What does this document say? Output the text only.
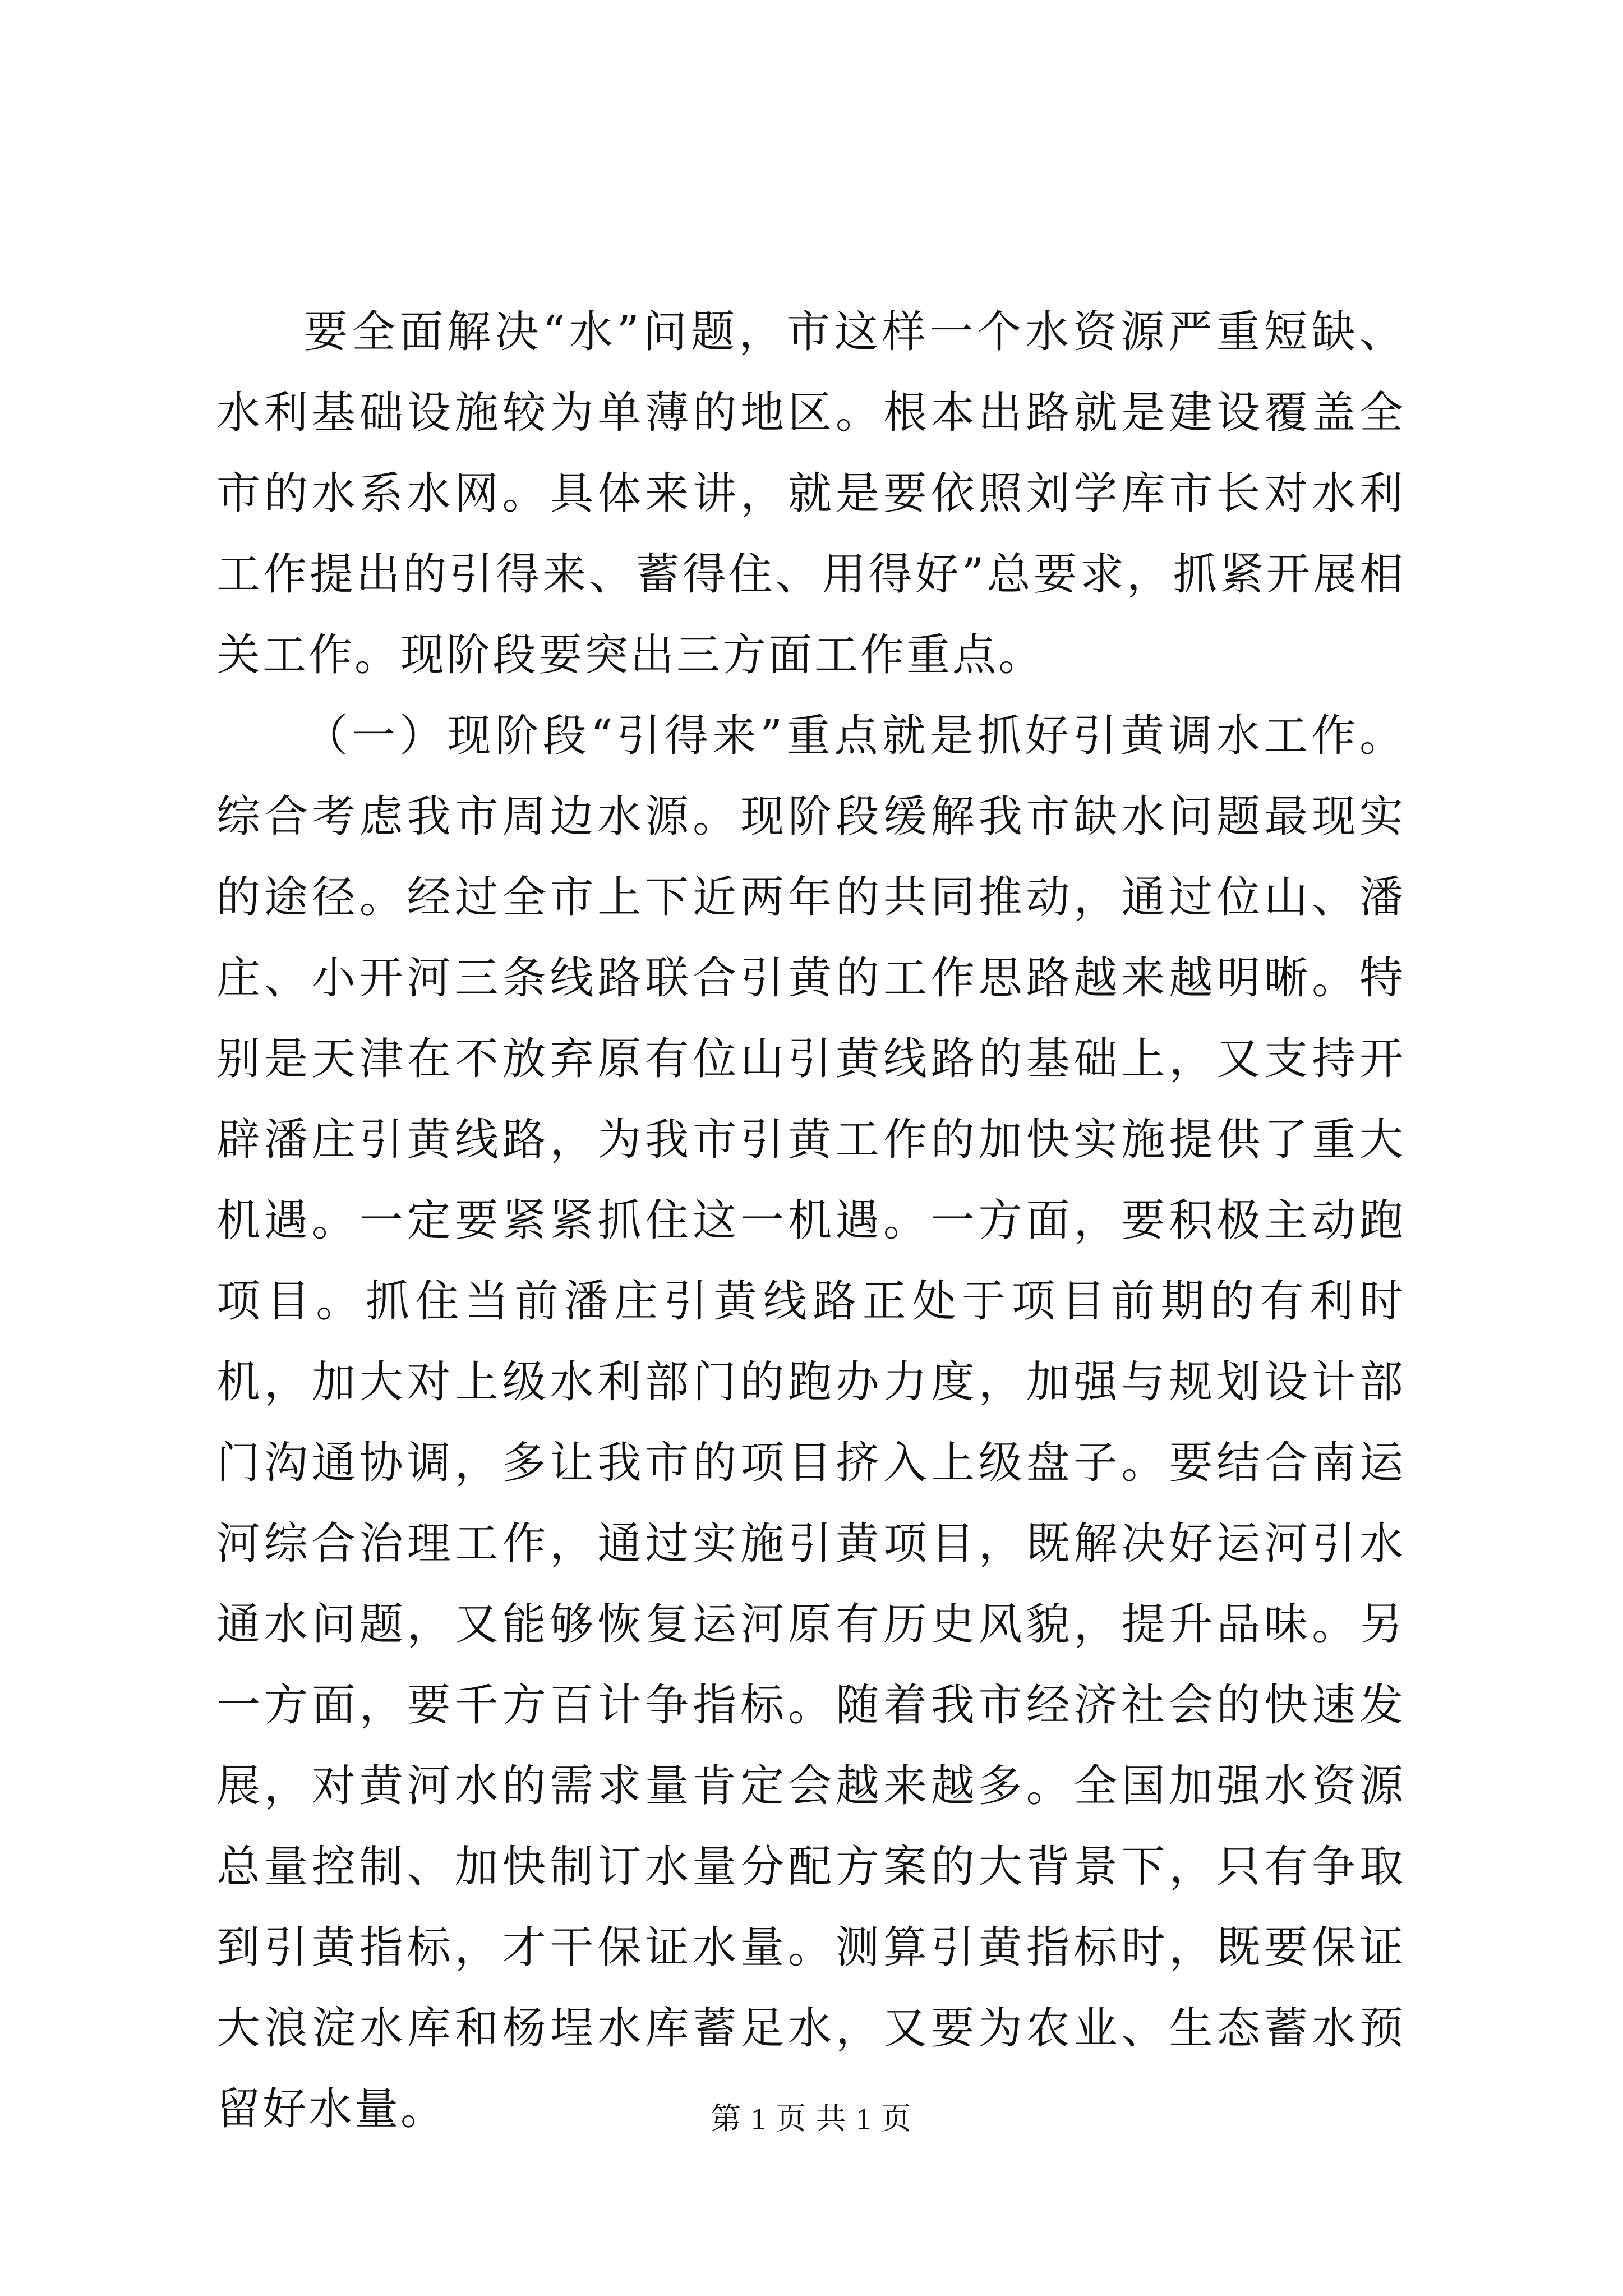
要全面解决“水”问题，市这样一个水资源严重短缺、水利基础设施较为单薄的地区。根本出路就是建设覆盖全市的水系水网。具体来讲，就是要依照刘学库市长对水利工作提出的引得来、蓄得住、用得好”总要求，抓紧开展相关工作。现阶段要突出三方面工作重点。

（一）现阶段“引得来”重点就是抓好引黄调水工作。综合考虑我市周边水源。现阶段缓解我市缺水问题最现实的途径。经过全市上下近两年的共同推动，通过位山、潘庄、小开河三条线路联合引黄的工作思路越来越明晰。特别是天津在不放弃原有位山引黄线路的基础上，又支持开辟潘庄引黄线路，为我市引黄工作的加快实施提供了重大机遇。一定要紧紧抓住这一机遇。一方面，要积极主动跑项目。抓住当前潘庄引黄线路正处于项目前期的有利时机，加大对上级水利部门的跑办力度，加强与规划设计部门沟通协调，多让我市的项目挤入上级盘子。要结合南运河综合治理工作，通过实施引黄项目，既解决好运河引水通水问题，又能够恢复运河原有历史风貌，提升品味。另一方面，要千方百计争指标。随着我市经济社会的快速发展，对黄河水的需求量肯定会越来越多。全国加强水资源总量控制、加快制订水量分配方案的大背景下，只有争取到引黄指标，才干保证水量。测算引黄指标时，既要保证大浪淀水库和杨埕水库蓄足水，又要为农业、生态蓄水预留好水量。	第 1 页 共 1 页
